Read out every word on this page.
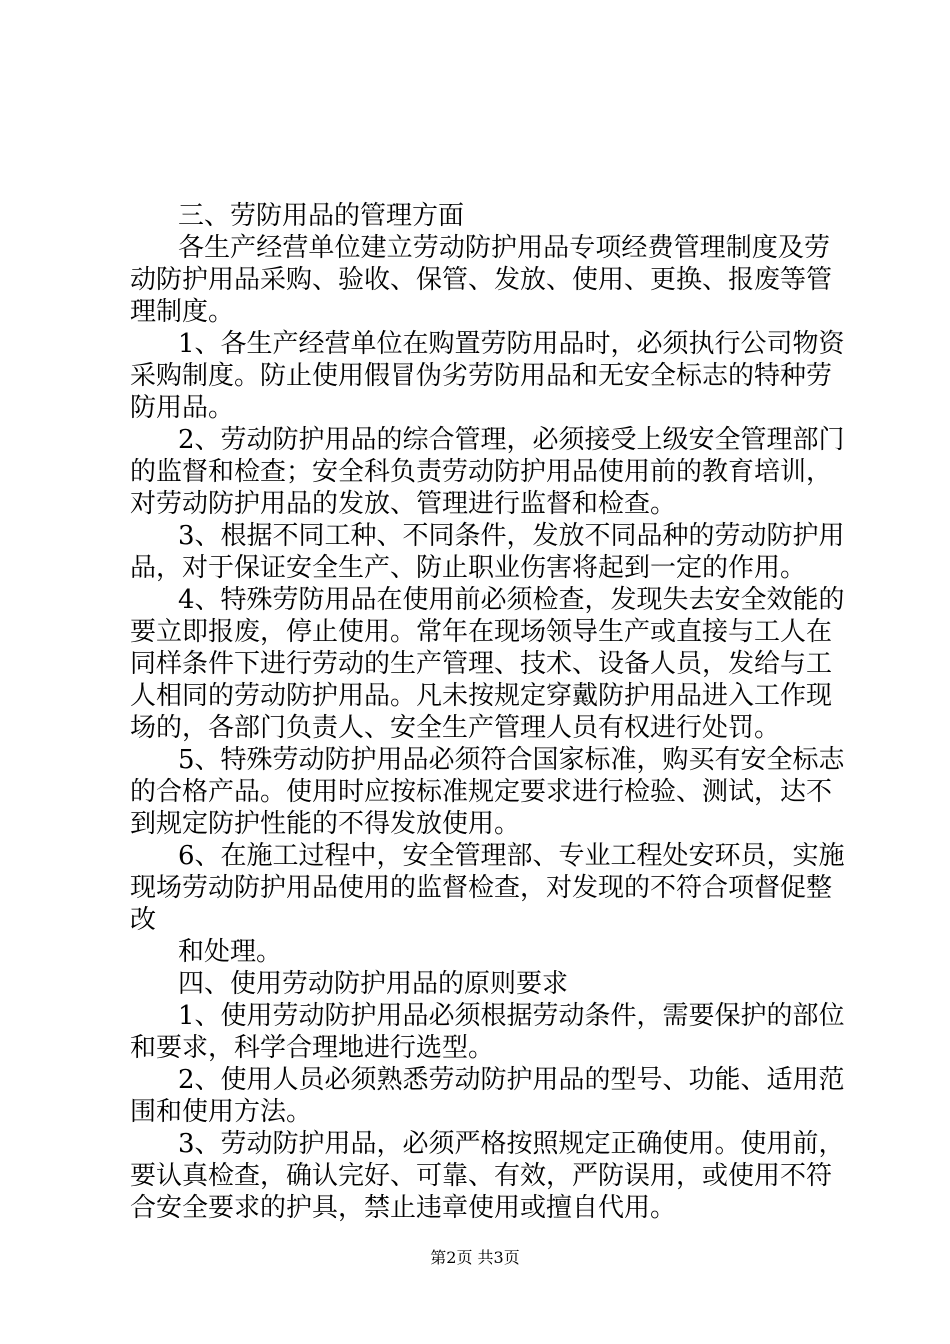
三、劳防用品的管理方面
各生产经营单位建立劳动防护用品专项经费管理制度及劳
动防护用品采购、验收、保管、发放、使用、更换、报废等管
理制度。
1、各生产经营单位在购置劳防用品时，必须执行公司物资
采购制度。防止使用假冒伪劣劳防用品和无安全标志的特种劳
防用品。
2、劳动防护用品的综合管理，必须接受上级安全管理部门
的监督和检查；安全科负责劳动防护用品使用前的教育培训，
对劳动防护用品的发放、管理进行监督和检查。
3、根据不同工种、不同条件，发放不同品种的劳动防护用
品，对于保证安全生产、防止职业伤害将起到一定的作用。
4、特殊劳防用品在使用前必须检查，发现失去安全效能的
要立即报废，停止使用。常年在现场领导生产或直接与工人在
同样条件下进行劳动的生产管理、技术、设备人员，发给与工
人相同的劳动防护用品。凡未按规定穿戴防护用品进入工作现
场的，各部门负责人、安全生产管理人员有权进行处罚。
5、特殊劳动防护用品必须符合国家标准，购买有安全标志
的合格产品。使用时应按标准规定要求进行检验、测试，达不
到规定防护性能的不得发放使用。
6、在施工过程中，安全管理部、专业工程处安环员，实施
现场劳动防护用品使用的监督检查，对发现的不符合项督促整
改
和处理。
四、使用劳动防护用品的原则要求
1、使用劳动防护用品必须根据劳动条件，需要保护的部位
和要求，科学合理地进行选型。
2、使用人员必须熟悉劳动防护用品的型号、功能、适用范
围和使用方法。
3、劳动防护用品，必须严格按照规定正确使用。使用前，
要认真检查，确认完好、可靠、有效，严防误用，或使用不符
合安全要求的护具，禁止违章使用或擅自代用。
第2页 共3页
